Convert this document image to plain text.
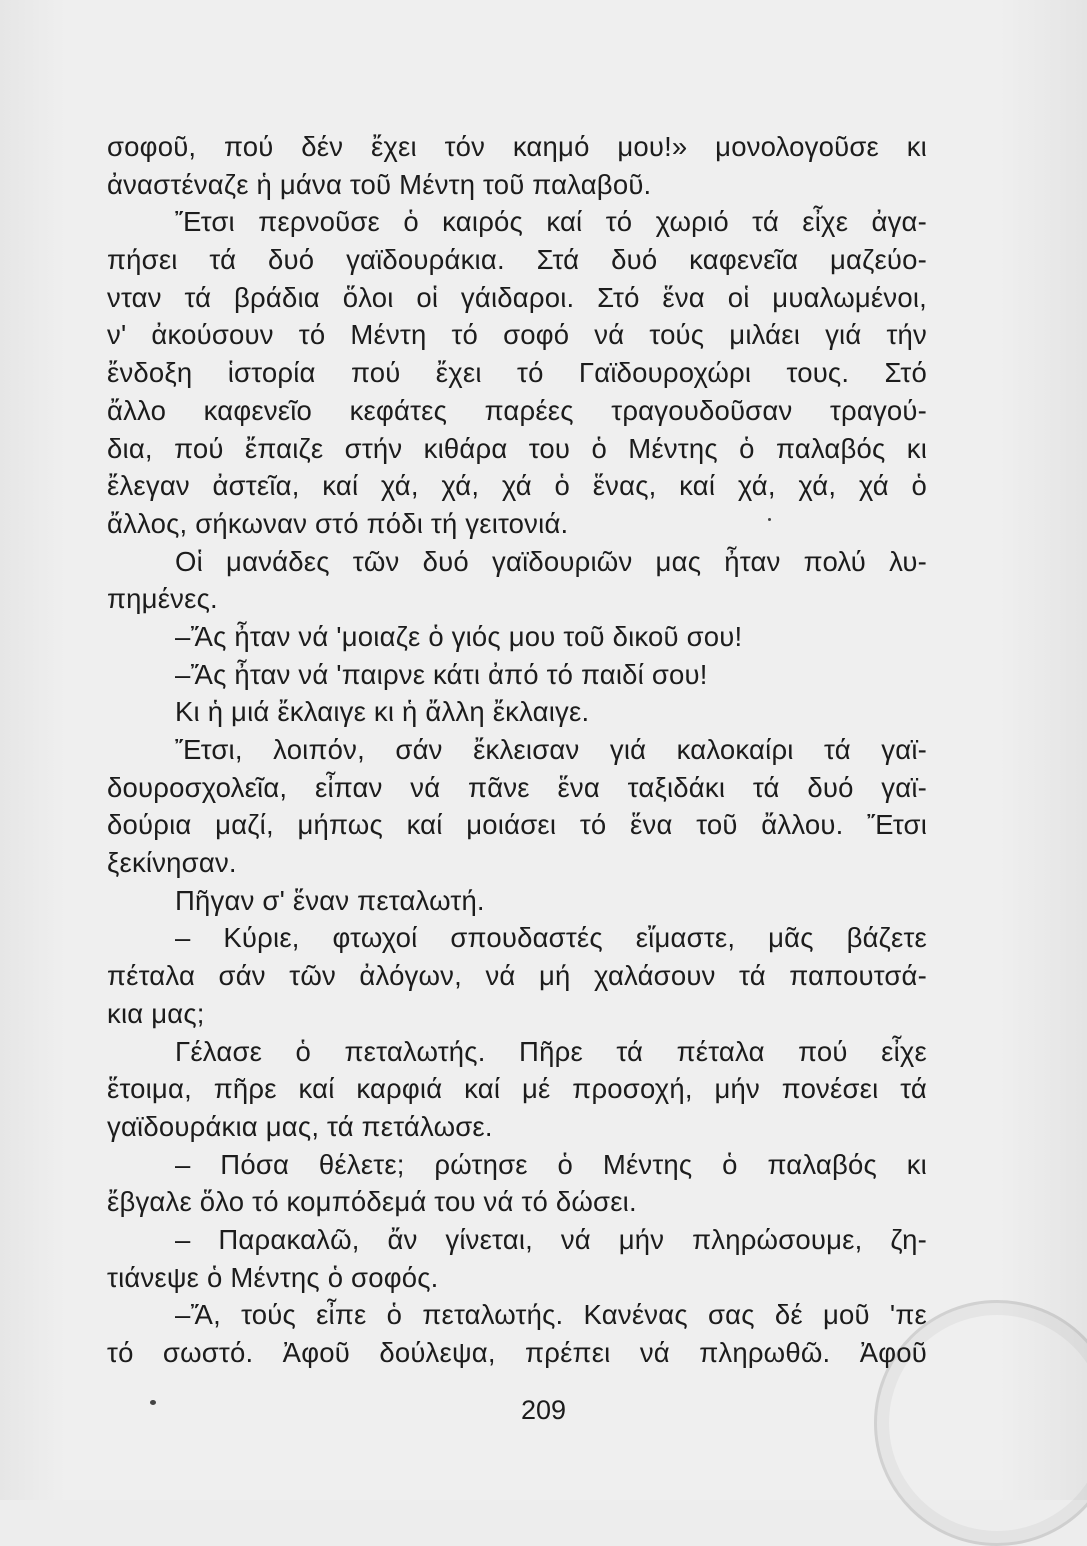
σοφοῦ, πού δέν ἔχει τόν καημό μου!» μονολογοῦσε κι
ἀναστέναζε ἡ μάνα τοῦ Μέντη τοῦ παλαβοῦ.
Ἔτσι περνοῦσε ὁ καιρός καί τό χωριό τά εἶχε ἀγα-
πήσει τά δυό γαϊδουράκια. Στά δυό καφενεῖα μαζεύο-
νταν τά βράδια ὅλοι οἱ γάιδαροι. Στό ἕνα οἱ μυαλωμένοι,
ν' ἀκούσουν τό Μέντη τό σοφό νά τούς μιλάει γιά τήν
ἔνδοξη ἱστορία πού ἔχει τό Γαϊδουροχώρι τους. Στό
ἄλλο καφενεῖο κεφάτες παρέες τραγουδοῦσαν τραγού-
δια, πού ἔπαιζε στήν κιθάρα του ὁ Μέντης ὁ παλαβός κι
ἔλεγαν ἀστεῖα, καί χά, χά, χά ὁ ἕνας, καί χά, χά, χά ὁ
ἄλλος, σήκωναν στό πόδι τή γειτονιά.
Οἱ μανάδες τῶν δυό γαϊδουριῶν μας ἦταν πολύ λυ-
πημένες.
–Ἄς ἦταν νά 'μοιαζε ὁ γιός μου τοῦ δικοῦ σου!
–Ἄς ἦταν νά 'παιρνε κάτι ἀπό τό παιδί σου!
Κι ἡ μιά ἔκλαιγε κι ἡ ἄλλη ἔκλαιγε.
Ἔτσι, λοιπόν, σάν ἔκλεισαν γιά καλοκαίρι τά γαϊ-
δουροσχολεῖα, εἶπαν νά πᾶνε ἕνα ταξιδάκι τά δυό γαϊ-
δούρια μαζί, μήπως καί μοιάσει τό ἕνα τοῦ ἄλλου. Ἔτσι
ξεκίνησαν.
Πῆγαν σ' ἕναν πεταλωτή.
– Κύριε, φτωχοί σπουδαστές εἴμαστε, μᾶς βάζετε
πέταλα σάν τῶν ἀλόγων, νά μή χαλάσουν τά παπουτσά-
κια μας;
Γέλασε ὁ πεταλωτής. Πῆρε τά πέταλα πού εἶχε
ἕτοιμα, πῆρε καί καρφιά καί μέ προσοχή, μήν πονέσει τά
γαϊδουράκια μας, τά πετάλωσε.
– Πόσα θέλετε; ρώτησε ὁ Μέντης ὁ παλαβός κι
ἔβγαλε ὅλο τό κομπόδεμά του νά τό δώσει.
– Παρακαλῶ, ἄν γίνεται, νά μήν πληρώσουμε, ζη-
τιάνεψε ὁ Μέντης ὁ σοφός.
–Ἄ, τούς εἶπε ὁ πεταλωτής. Κανένας σας δέ μοῦ 'πε
τό σωστό. Ἀφοῦ δούλεψα, πρέπει νά πληρωθῶ. Ἀφοῦ
209
